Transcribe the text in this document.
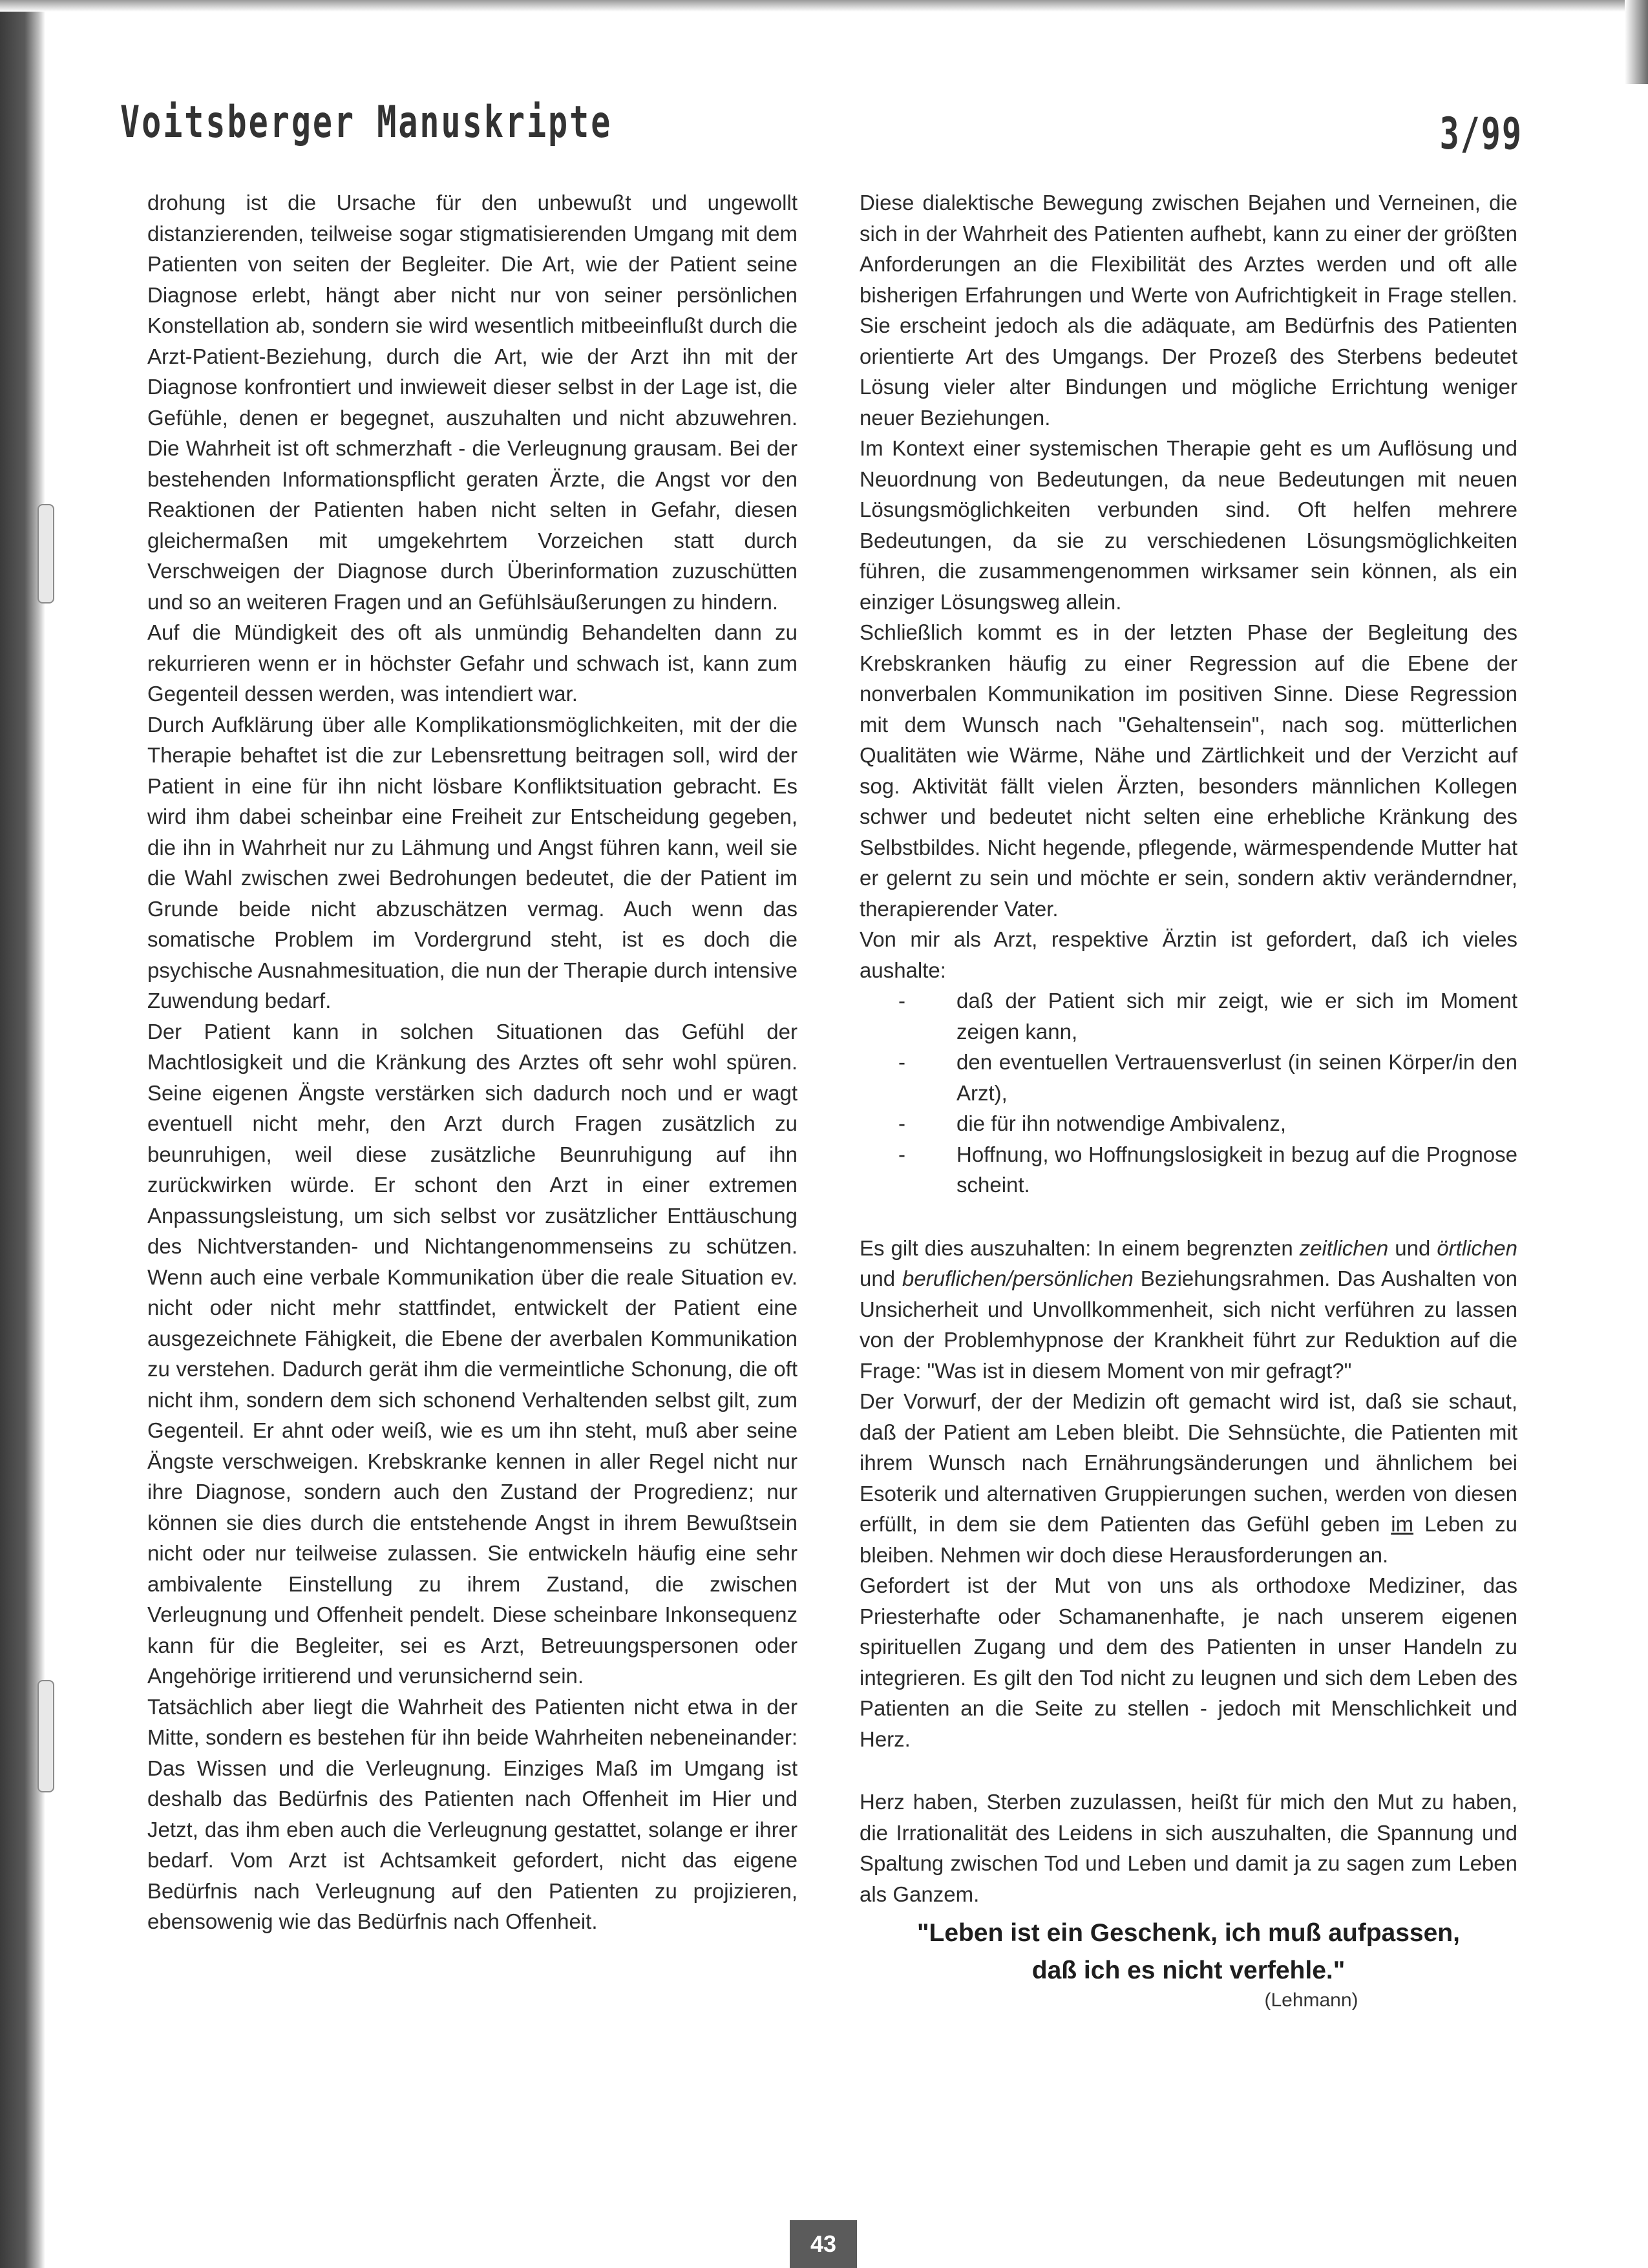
Voitsberger Manuskripte	3/99

drohung ist die Ursache für den unbewußt und ungewollt distanzierenden, teilweise sogar stigmatisierenden Umgang mit dem Patienten von seiten der Begleiter. Die Art, wie der Patient seine Diagnose erlebt, hängt aber nicht nur von seiner persönlichen Konstellation ab, sondern sie wird wesentlich mitbeeinflußt durch die Arzt-Patient-Beziehung, durch die Art, wie der Arzt ihn mit der Diagnose konfrontiert und inwieweit dieser selbst in der Lage ist, die Gefühle, denen er begegnet, auszuhalten und nicht abzuwehren. Die Wahrheit ist oft schmerzhaft - die Verleugnung grausam. Bei der bestehenden Informationspflicht geraten Ärzte, die Angst vor den Reaktionen der Patienten haben nicht selten in Gefahr, diesen gleichermaßen mit umgekehrtem Vorzeichen statt durch Verschweigen der Diagnose durch Überinformation zuzuschütten und so an weiteren Fragen und an Gefühlsäußerungen zu hindern.

Auf die Mündigkeit des oft als unmündig Behandelten dann zu rekurrieren wenn er in höchster Gefahr und schwach ist, kann zum Gegenteil dessen werden, was intendiert war.

Durch Aufklärung über alle Komplikationsmöglichkeiten, mit der die Therapie behaftet ist die zur Lebensrettung beitragen soll, wird der Patient in eine für ihn nicht lösbare Konfliktsituation gebracht. Es wird ihm dabei scheinbar eine Freiheit zur Entscheidung gegeben, die ihn in Wahrheit nur zu Lähmung und Angst führen kann, weil sie die Wahl zwischen zwei Bedrohungen bedeutet, die der Patient im Grunde beide nicht abzuschätzen vermag. Auch wenn das somatische Problem im Vordergrund steht, ist es doch die psychische Ausnahmesituation, die nun der Therapie durch intensive Zuwendung bedarf.

Der Patient kann in solchen Situationen das Gefühl der Machtlosigkeit und die Kränkung des Arztes oft sehr wohl spüren. Seine eigenen Ängste verstärken sich dadurch noch und er wagt eventuell nicht mehr, den Arzt durch Fragen zusätzlich zu beunruhigen, weil diese zusätzliche Beunruhigung auf ihn zurückwirken würde. Er schont den Arzt in einer extremen Anpassungsleistung, um sich selbst vor zusätzlicher Enttäuschung des Nichtverstanden- und Nichtangenommenseins zu schützen. Wenn auch eine verbale Kommunikation über die reale Situation ev. nicht oder nicht mehr stattfindet, entwickelt der Patient eine ausgezeichnete Fähigkeit, die Ebene der averbalen Kommunikation zu verstehen. Dadurch gerät ihm die vermeintliche Schonung, die oft nicht ihm, sondern dem sich schonend Verhaltenden selbst gilt, zum Gegenteil. Er ahnt oder weiß, wie es um ihn steht, muß aber seine Ängste verschweigen. Krebskranke kennen in aller Regel nicht nur ihre Diagnose, sondern auch den Zustand der Progredienz; nur können sie dies durch die entstehende Angst in ihrem Bewußtsein nicht oder nur teilweise zulassen. Sie entwickeln häufig eine sehr ambivalente Einstellung zu ihrem Zustand, die zwischen Verleugnung und Offenheit pendelt. Diese scheinbare Inkonsequenz kann für die Begleiter, sei es Arzt, Betreuungspersonen oder Angehörige irritierend und verunsichernd sein.

Tatsächlich aber liegt die Wahrheit des Patienten nicht etwa in der Mitte, sondern es bestehen für ihn beide Wahrheiten nebeneinander: Das Wissen und die Verleugnung. Einziges Maß im Umgang ist deshalb das Bedürfnis des Patienten nach Offenheit im Hier und Jetzt, das ihm eben auch die Verleugnung gestattet, solange er ihrer bedarf. Vom Arzt ist Achtsamkeit gefordert, nicht das eigene Bedürfnis nach Verleugnung auf den Patienten zu projizieren, ebensowenig wie das Bedürfnis nach Offenheit.

Diese dialektische Bewegung zwischen Bejahen und Verneinen, die sich in der Wahrheit des Patienten aufhebt, kann zu einer der größten Anforderungen an die Flexibilität des Arztes werden und oft alle bisherigen Erfahrungen und Werte von Aufrichtigkeit in Frage stellen. Sie erscheint jedoch als die adäquate, am Bedürfnis des Patienten orientierte Art des Umgangs. Der Prozeß des Sterbens bedeutet Lösung vieler alter Bindungen und mögliche Errichtung weniger neuer Beziehungen.

Im Kontext einer systemischen Therapie geht es um Auflösung und Neuordnung von Bedeutungen, da neue Bedeutungen mit neuen Lösungsmöglichkeiten verbunden sind. Oft helfen mehrere Bedeutungen, da sie zu verschiedenen Lösungsmöglichkeiten führen, die zusammengenommen wirksamer sein können, als ein einziger Lösungsweg allein.

Schließlich kommt es in der letzten Phase der Begleitung des Krebskranken häufig zu einer Regression auf die Ebene der nonverbalen Kommunikation im positiven Sinne. Diese Regression mit dem Wunsch nach "Gehaltensein", nach sog. mütterlichen Qualitäten wie Wärme, Nähe und Zärtlichkeit und der Verzicht auf sog. Aktivität fällt vielen Ärzten, besonders männlichen Kollegen schwer und bedeutet nicht selten eine erhebliche Kränkung des Selbstbildes. Nicht hegende, pflegende, wärmespendende Mutter hat er gelernt zu sein und möchte er sein, sondern aktiv veränderndner, therapierender Vater.

Von mir als Arzt, respektive Ärztin ist gefordert, daß ich vieles aushalte:

- daß der Patient sich mir zeigt, wie er sich im Moment zeigen kann,
- den eventuellen Vertrauensverlust (in seinen Körper/in den Arzt),
- die für ihn notwendige Ambivalenz,
- Hoffnung, wo Hoffnungslosigkeit in bezug auf die Prognose scheint.

Es gilt dies auszuhalten: In einem begrenzten zeitlichen und örtlichen und beruflichen/persönlichen Beziehungsrahmen. Das Aushalten von Unsicherheit und Unvollkommenheit, sich nicht verführen zu lassen von der Problemhypnose der Krankheit führt zur Reduktion auf die Frage: "Was ist in diesem Moment von mir gefragt?"

Der Vorwurf, der der Medizin oft gemacht wird ist, daß sie schaut, daß der Patient am Leben bleibt. Die Sehnsüchte, die Patienten mit ihrem Wunsch nach Ernährungsänderungen und ähnlichem bei Esoterik und alternativen Gruppierungen suchen, werden von diesen erfüllt, in dem sie dem Patienten das Gefühl geben im Leben zu bleiben. Nehmen wir doch diese Herausforderungen an.

Gefordert ist der Mut von uns als orthodoxe Mediziner, das Priesterhafte oder Schamanenhafte, je nach unserem eigenen spirituellen Zugang und dem des Patienten in unser Handeln zu integrieren. Es gilt den Tod nicht zu leugnen und sich dem Leben des Patienten an die Seite zu stellen - jedoch mit Menschlichkeit und Herz.

Herz haben, Sterben zuzulassen, heißt für mich den Mut zu haben, die Irrationalität des Leidens in sich auszuhalten, die Spannung und Spaltung zwischen Tod und Leben und damit ja zu sagen zum Leben als Ganzem.

"Leben ist ein Geschenk, ich muß aufpassen,
daß ich es nicht verfehle."
(Lehmann)
43
